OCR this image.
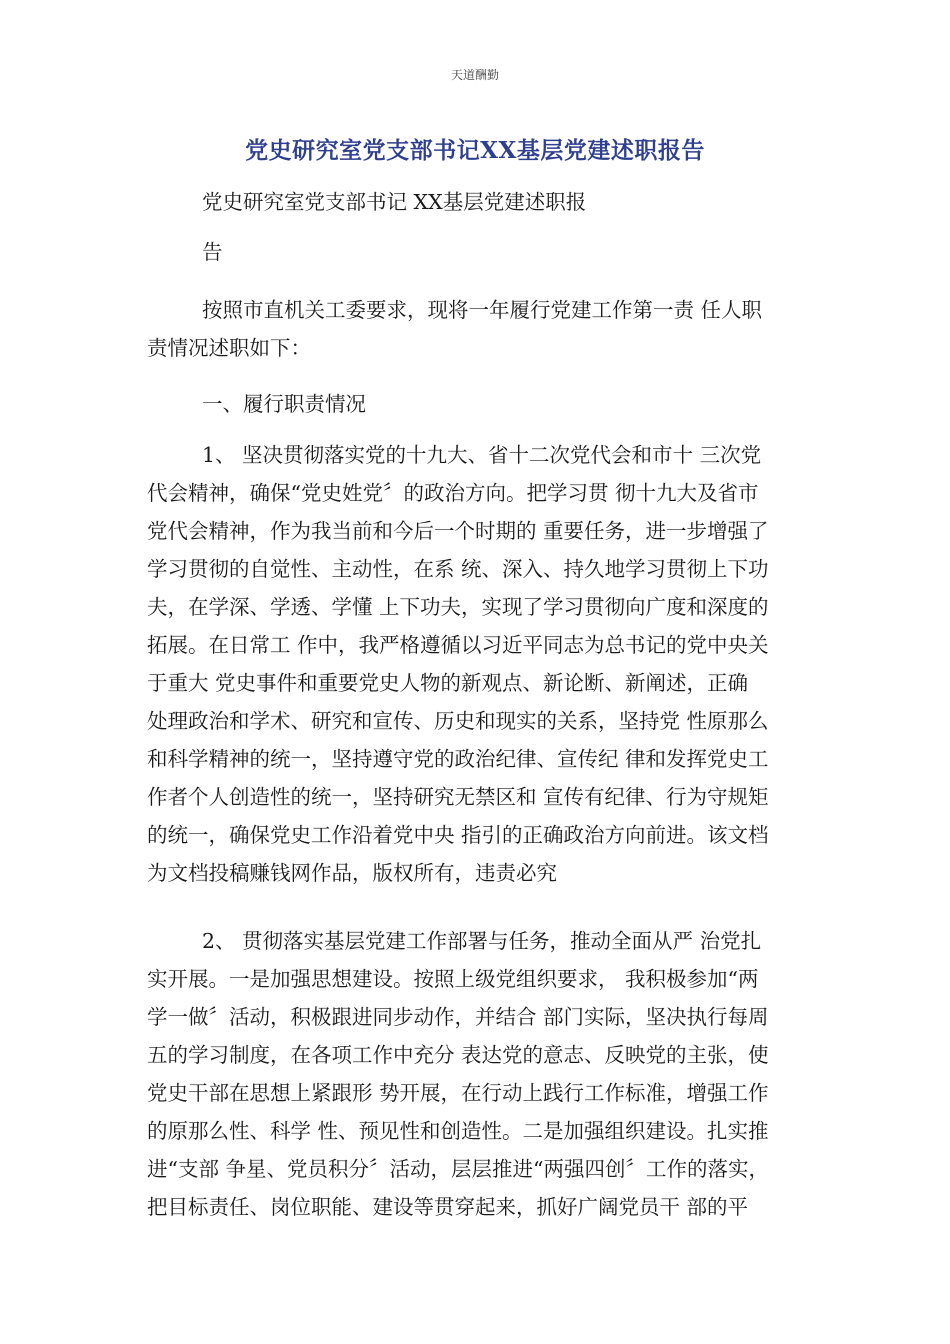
天道酬勤
党史研究室党支部书记XX基层党建述职报告
党史研究室党支部书记 XX基层党建述职报
告
按照市直机关工委要求，现将一年履行党建工作第一责 任人职
责情况述职如下：
一、履行职责情况
1、 坚决贯彻落实党的十九大、省十二次党代会和市十 三次党
代会精神，确保“党史姓党〞的政治方向。把学习贯 彻十九大及省市
党代会精神，作为我当前和今后一个时期的 重要任务，进一步增强了
学习贯彻的自觉性、主动性，在系 统、深入、持久地学习贯彻上下功
夫，在学深、学透、学懂 上下功夫，实现了学习贯彻向广度和深度的
拓展。在日常工 作中，我严格遵循以习近平同志为总书记的党中央关
于重大 党史事件和重要党史人物的新观点、新论断、新阐述，正确
处理政治和学术、研究和宣传、历史和现实的关系，坚持党 性原那么
和科学精神的统一，坚持遵守党的政治纪律、宣传纪 律和发挥党史工
作者个人创造性的统一，坚持研究无禁区和 宣传有纪律、行为守规矩
的统一，确保党史工作沿着党中央 指引的正确政治方向前进。该文档
为文档投稿赚钱网作品，版权所有，违责必究
2、 贯彻落实基层党建工作部署与任务，推动全面从严 治党扎
实开展。一是加强思想建设。按照上级党组织要求， 我积极参加“两
学一做〞活动，积极跟进同步动作，并结合 部门实际，坚决执行每周
五的学习制度，在各项工作中充分 表达党的意志、反映党的主张，使
党史干部在思想上紧跟形 势开展，在行动上践行工作标准，增强工作
的原那么性、科学 性、预见性和创造性。二是加强组织建设。扎实推
进“支部 争星、党员积分〞活动，层层推进“两强四创〞工作的落实，
把目标责任、岗位职能、建设等贯穿起来，抓好广阔党员干 部的平
